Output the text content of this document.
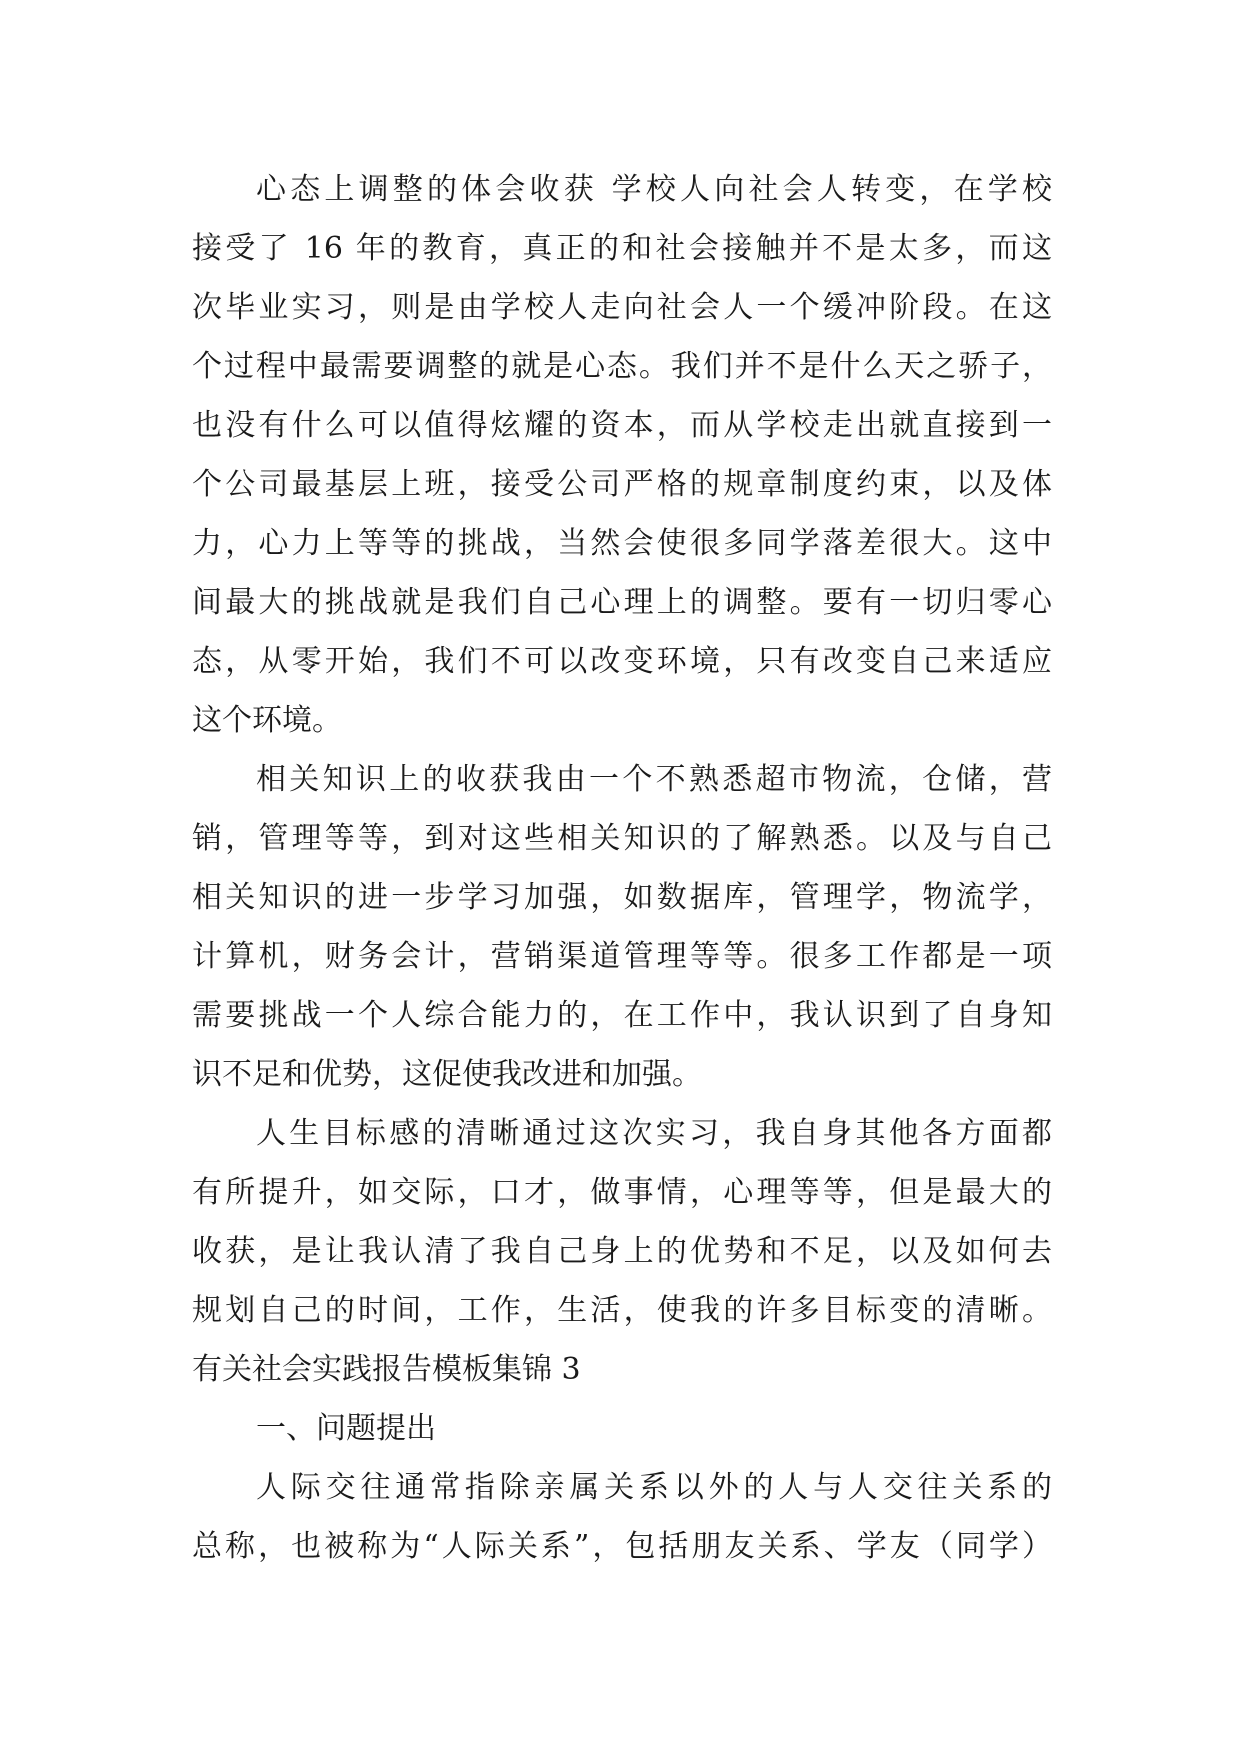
心态上调整的体会收获 学校人向社会人转变，在学校
接受了 16 年的教育，真正的和社会接触并不是太多，而这
次毕业实习，则是由学校人走向社会人一个缓冲阶段。在这
个过程中最需要调整的就是心态。我们并不是什么天之骄子，
也没有什么可以值得炫耀的资本，而从学校走出就直接到一
个公司最基层上班，接受公司严格的规章制度约束，以及体
力，心力上等等的挑战，当然会使很多同学落差很大。这中
间最大的挑战就是我们自己心理上的调整。要有一切归零心
态，从零开始，我们不可以改变环境，只有改变自己来适应
这个环境。
相关知识上的收获我由一个不熟悉超市物流，仓储，营
销，管理等等，到对这些相关知识的了解熟悉。以及与自己
相关知识的进一步学习加强，如数据库，管理学，物流学，
计算机，财务会计，营销渠道管理等等。很多工作都是一项
需要挑战一个人综合能力的，在工作中，我认识到了自身知
识不足和优势，这促使我改进和加强。
人生目标感的清晰通过这次实习，我自身其他各方面都
有所提升，如交际，口才，做事情，心理等等，但是最大的
收获，是让我认清了我自己身上的优势和不足，以及如何去
规划自己的时间，工作，生活，使我的许多目标变的清晰。
有关社会实践报告模板集锦 3
一、问题提出
人际交往通常指除亲属关系以外的人与人交往关系的
总称，也被称为“人际关系”，包括朋友关系、学友（同学）
